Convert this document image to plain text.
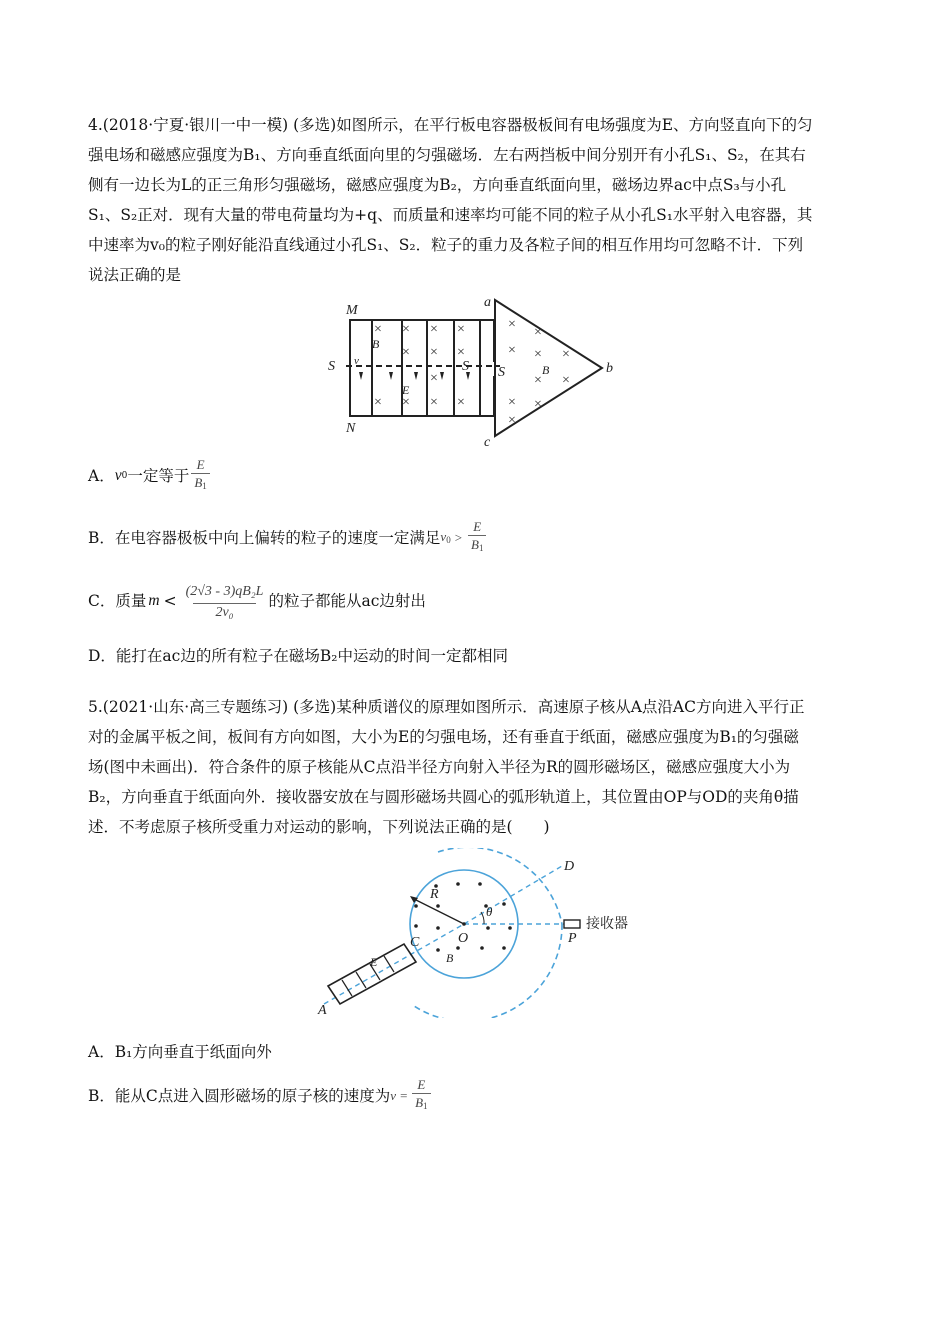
4.(2018·宁夏·银川一中一模) (多选)如图所示，在平行板电容器极板间有电场强度为E、方向竖直向下的匀
强电场和磁感应强度为B₁、方向垂直纸面向里的匀强磁场．左右两挡板中间分别开有小孔S₁、S₂，在其右
侧有一边长为L的正三角形匀强磁场，磁感应强度为B₂，方向垂直纸面向里，磁场边界ac中点S₃与小孔
S₁、S₂正对．现有大量的带电荷量均为+q、而质量和速率均可能不同的粒子从小孔S₁水平射入电容器，其
中速率为v₀的粒子刚好能沿直线通过小孔S₁、S₂．粒子的重力及各粒子间的相互作用均可忽略不计．下列
说法正确的是

× × × ×
× × ×
× × × ×
×
×
×
× × ×
× ×
× ×
×
M
N
S	S S
a
b
c
B
B
E
v
A． v 0 一定等于 $\frac{E}{B_1}$
B．在电容器极板中向上偏转的粒子的速度一定满足 $v_0 > \frac{E}{B_1}$
C．质量 $m < \frac{\text{(2√3 - 3)qB₂L}}{\text{2v₀}}$ 的粒子都能从ac边射出
D．能打在ac边的所有粒子在磁场B₂中运动的时间一定都相同

5.(2021·山东·高三专题练习) (多选)某种质谱仪的原理如图所示．高速原子核从A点沿AC方向进入平行正
对的金属平板之间，板间有方向如图，大小为E的匀强电场，还有垂直于纸面，磁感应强度为B₁的匀强磁
场(图中未画出)．符合条件的原子核能从C点沿半径方向射入半径为R的圆形磁场区，磁感应强度大小为
B₂，方向垂直于纸面向外．接收器安放在与圆形磁场共圆心的弧形轨道上，其位置由OP与OD的夹角θ描
述．不考虑原子核所受重力对运动的影响，下列说法正确的是(　　)

R
θ
O
D
P
C
E	B
A
接收器
A．B₁方向垂直于纸面向外
B．能从C点进入圆形磁场的原子核的速度为 $v = \frac{E}{B_1}$
